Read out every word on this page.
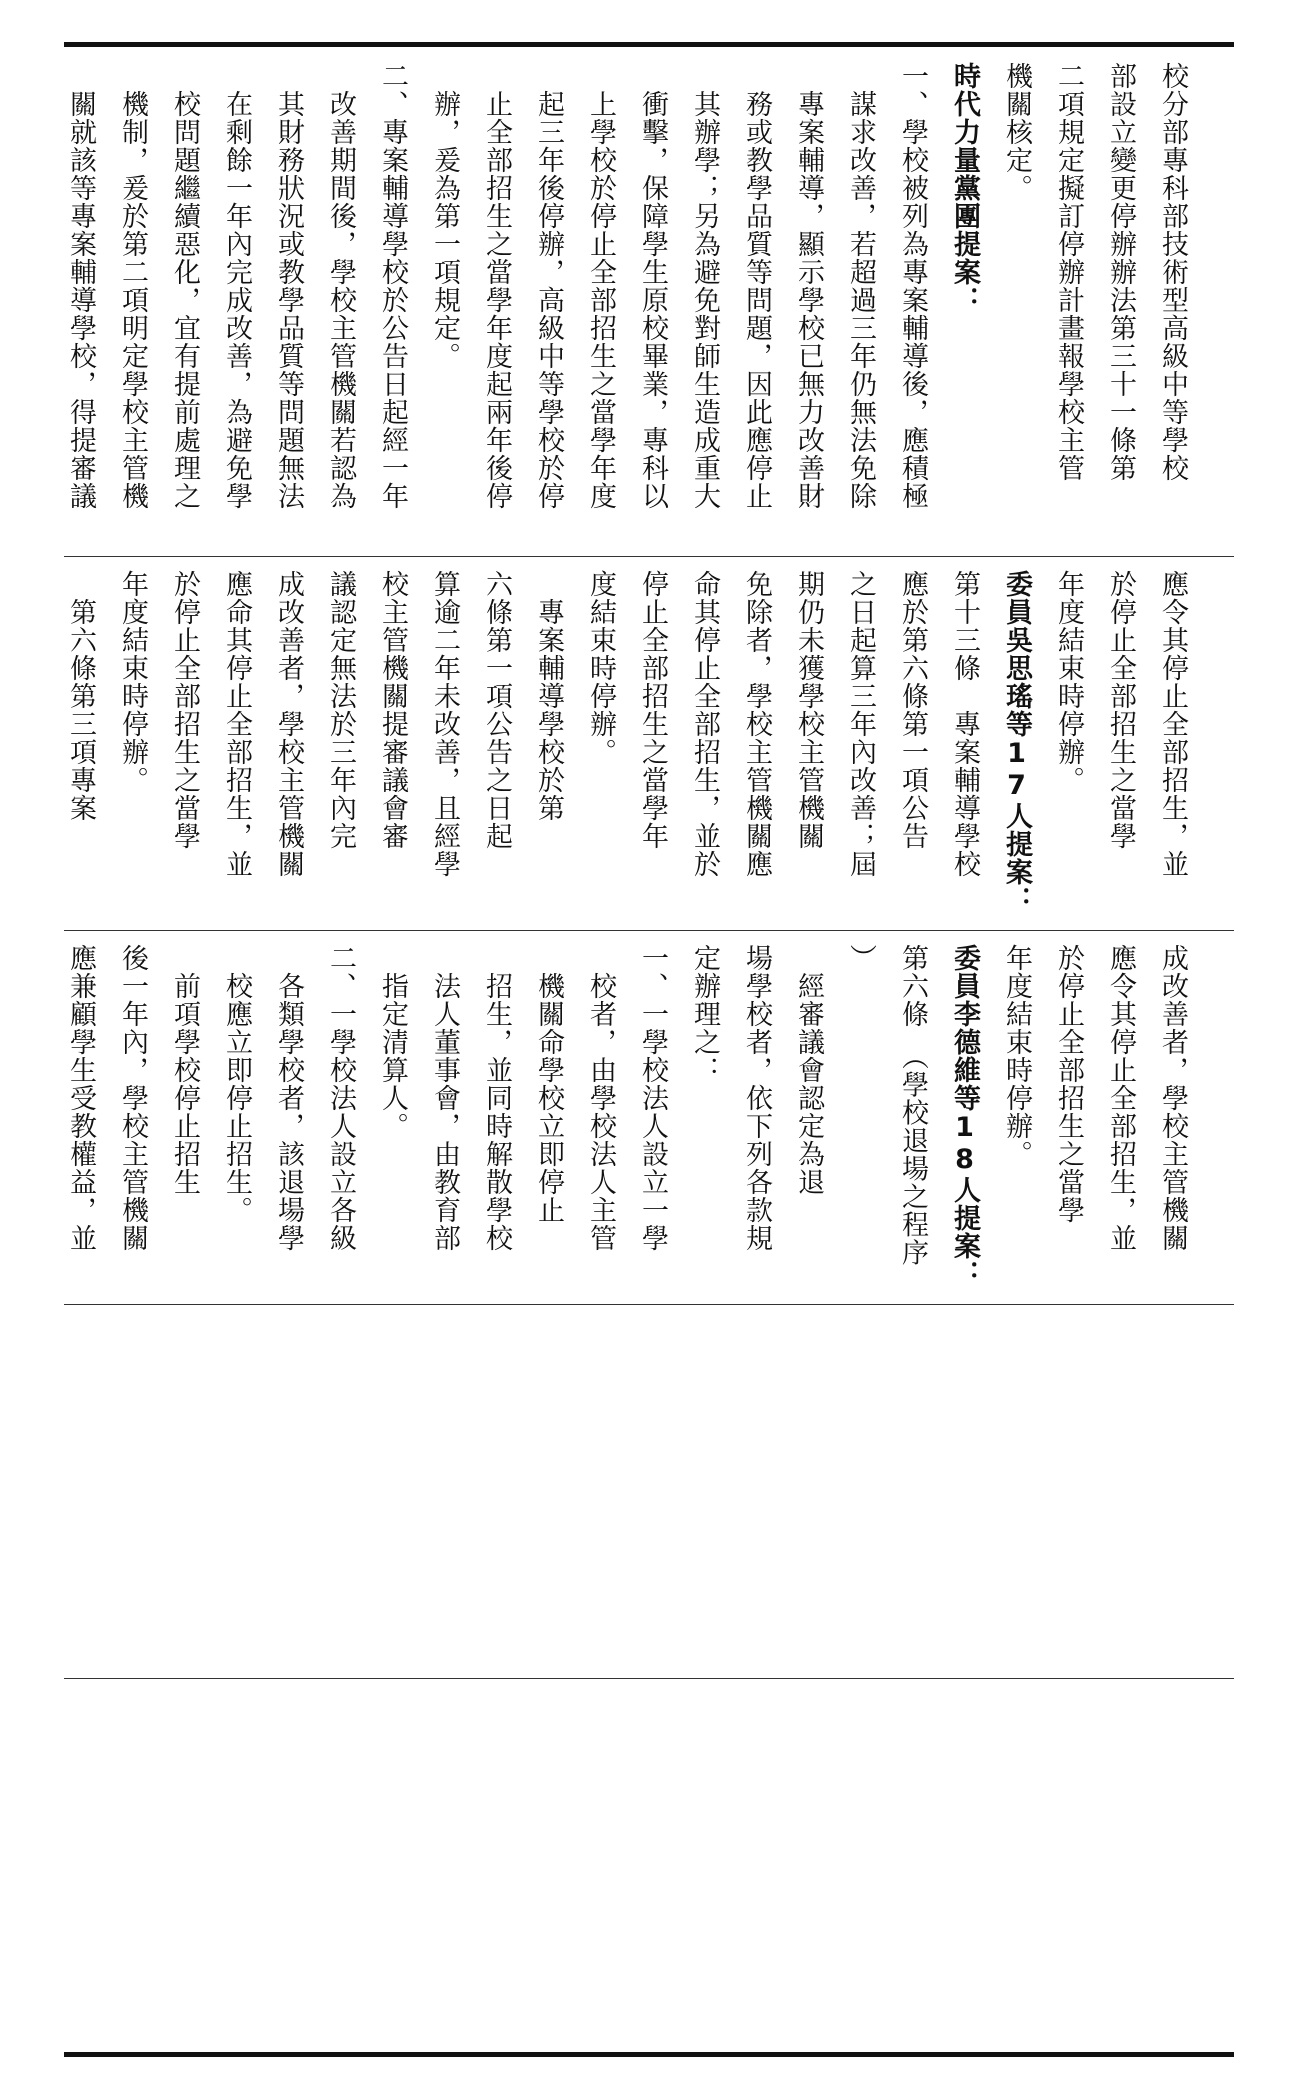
校分部專科部技術型高級中等學校
部設立變更停辦辦法第三十一條第
二項規定擬訂停辦計畫報學校主管
機關核定。
時代力量黨團提案：
一、學校被列為專案輔導後，應積極
　謀求改善，若超過三年仍無法免除
　專案輔導，顯示學校已無力改善財
　務或教學品質等問題，因此應停止
　其辦學；另為避免對師生造成重大
　衝擊，保障學生原校畢業，專科以
　上學校於停止全部招生之當學年度
　起三年後停辦，高級中等學校於停
　止全部招生之當學年度起兩年後停
　辦，爰為第一項規定。
二、專案輔導學校於公告日起經一年
　改善期間後，學校主管機關若認為
　其財務狀況或教學品質等問題無法
　在剩餘一年內完成改善，為避免學
　校問題繼續惡化，宜有提前處理之
　機制，爰於第二項明定學校主管機
　關就該等專案輔導學校，得提審議
應令其停止全部招生，並
於停止全部招生之當學
年度結束時停辦。
委員吳思瑤等17人提案：
第十三條　專案輔導學校
應於第六條第一項公告
之日起算三年內改善；屆
期仍未獲學校主管機關
免除者，學校主管機關應
命其停止全部招生，並於
停止全部招生之當學年
度結束時停辦。
　專案輔導學校於第
六條第一項公告之日起
算逾二年未改善，且經學
校主管機關提審議會審
議認定無法於三年內完
成改善者，學校主管機關
應命其停止全部招生，並
於停止全部招生之當學
年度結束時停辦。
　第六條第三項專案
成改善者，學校主管機關
應令其停止全部招生，並
於停止全部招生之當學
年度結束時停辦。
委員李德維等18人提案：
第六條　（學校退場之程序
）
　經審議會認定為退
場學校者，依下列各款規
定辦理之：
一、一學校法人設立一學
　校者，由學校法人主管
　機關命學校立即停止
　招生，並同時解散學校
　法人董事會，由教育部
　指定清算人。
二、一學校法人設立各級
　各類學校者，該退場學
　校應立即停止招生。
　前項學校停止招生
後一年內，學校主管機關
應兼顧學生受教權益，並
